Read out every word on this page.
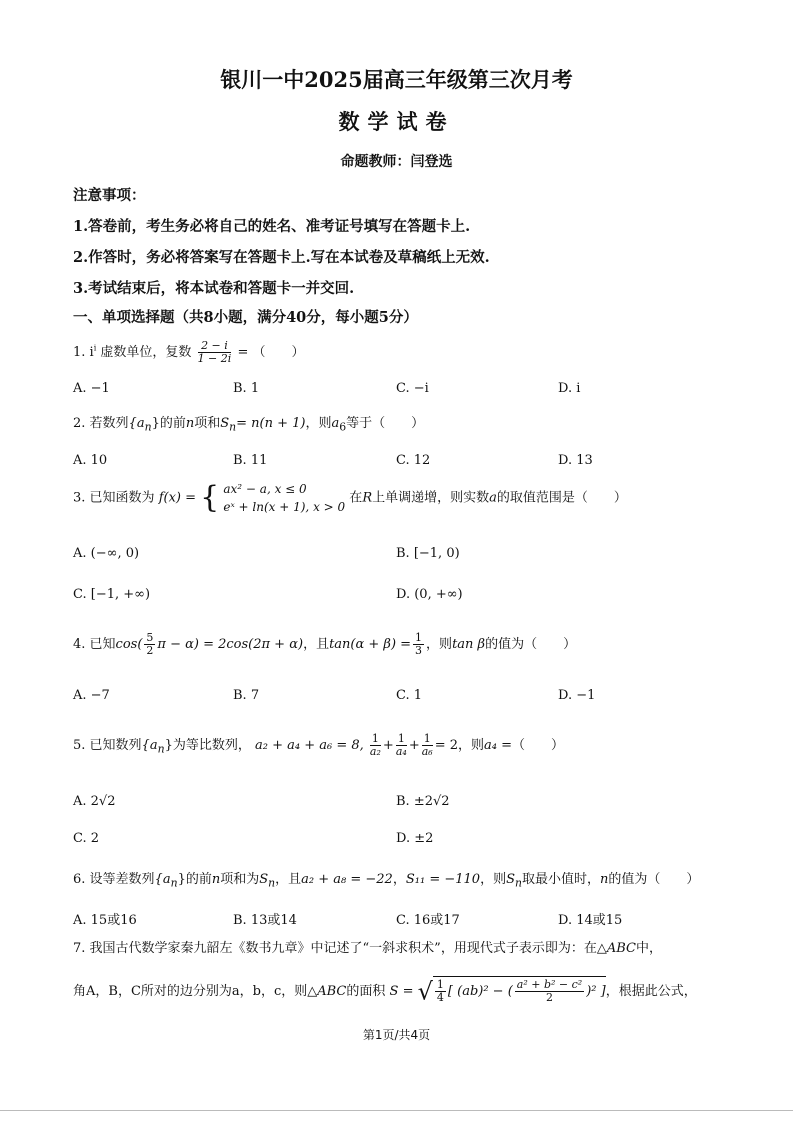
银川一中2025届高三年级第三次月考
数学试卷
命题教师：闫登选
注意事项：
1.答卷前，考生务必将自己的姓名、准考证号填写在答题卡上.
2.作答时，务必将答案写在答题卡上.写在本试卷及草稿纸上无效.
3.考试结束后，将本试卷和答题卡一并交回.
一、单项选择题（共8小题，满分40分，每小题5分）
1. $i^i$ 虚数单位，复数 $\frac{2 - i}{1 - 2i}$ = （　　）
A. −1	B. 1	C. −i	D. i
2. 若数列$\{a_n\}$的前n项和$S_n= n(n + 1)$，则$a_6$等于（　　）
A. 10	B. 11	C. 12	D. 13
3. 已知函数为 f(x) = { ax² − a, x ≤ 0
eˣ + ln(x + 1), x > 0
在R上单调递增，则实数a的取值范围是（　　）
A. (−∞, 0)	B. [−1, 0)
C. [−1, +∞)	D. (0, +∞)
4. 已知$\cos( \frac{5}{2}$ π − α) = 2cos(2π + α)，且$\tan(\alpha + \beta) = \frac{1}{3}$ ，则tan β的值为（　　）
A. −7	B. 7	C. 1	D. −1
5. 已知数列$\{a_n\}$为等比数列， a₂ + a₄ + a₆ = 8, $\frac{1}{\text{a₂}} + \frac{1}{\text{a₄}} + \frac{1}{\text{a₆}} = 2$，则a₄ =（　　）
A. 2√2	B. ±2√2
C. 2	D. ±2
6. 设等差数列$\{a_n\}$的前n项和为$S_n$，且a₂ + a₈ = −22，S₁₁ = −110，则$S_n$取最小值时，n的值为（　　）
A. 15或16	B. 13或14	C. 16或17	D. 14或15
7. 我国古代数学家秦九韶左《数书九章》中记述了“一斜求积术”，用现代式子表示即为：在△ABC中，
角A，B，C所对的边分别为a，b，c，则△ABC的面积 S = √ $\frac{1}{4}$ [ (ab)² − ( $\frac{\text{a² + b² − c²}}{2} )^2$ ]，根据此公式，
第1页/共4页
